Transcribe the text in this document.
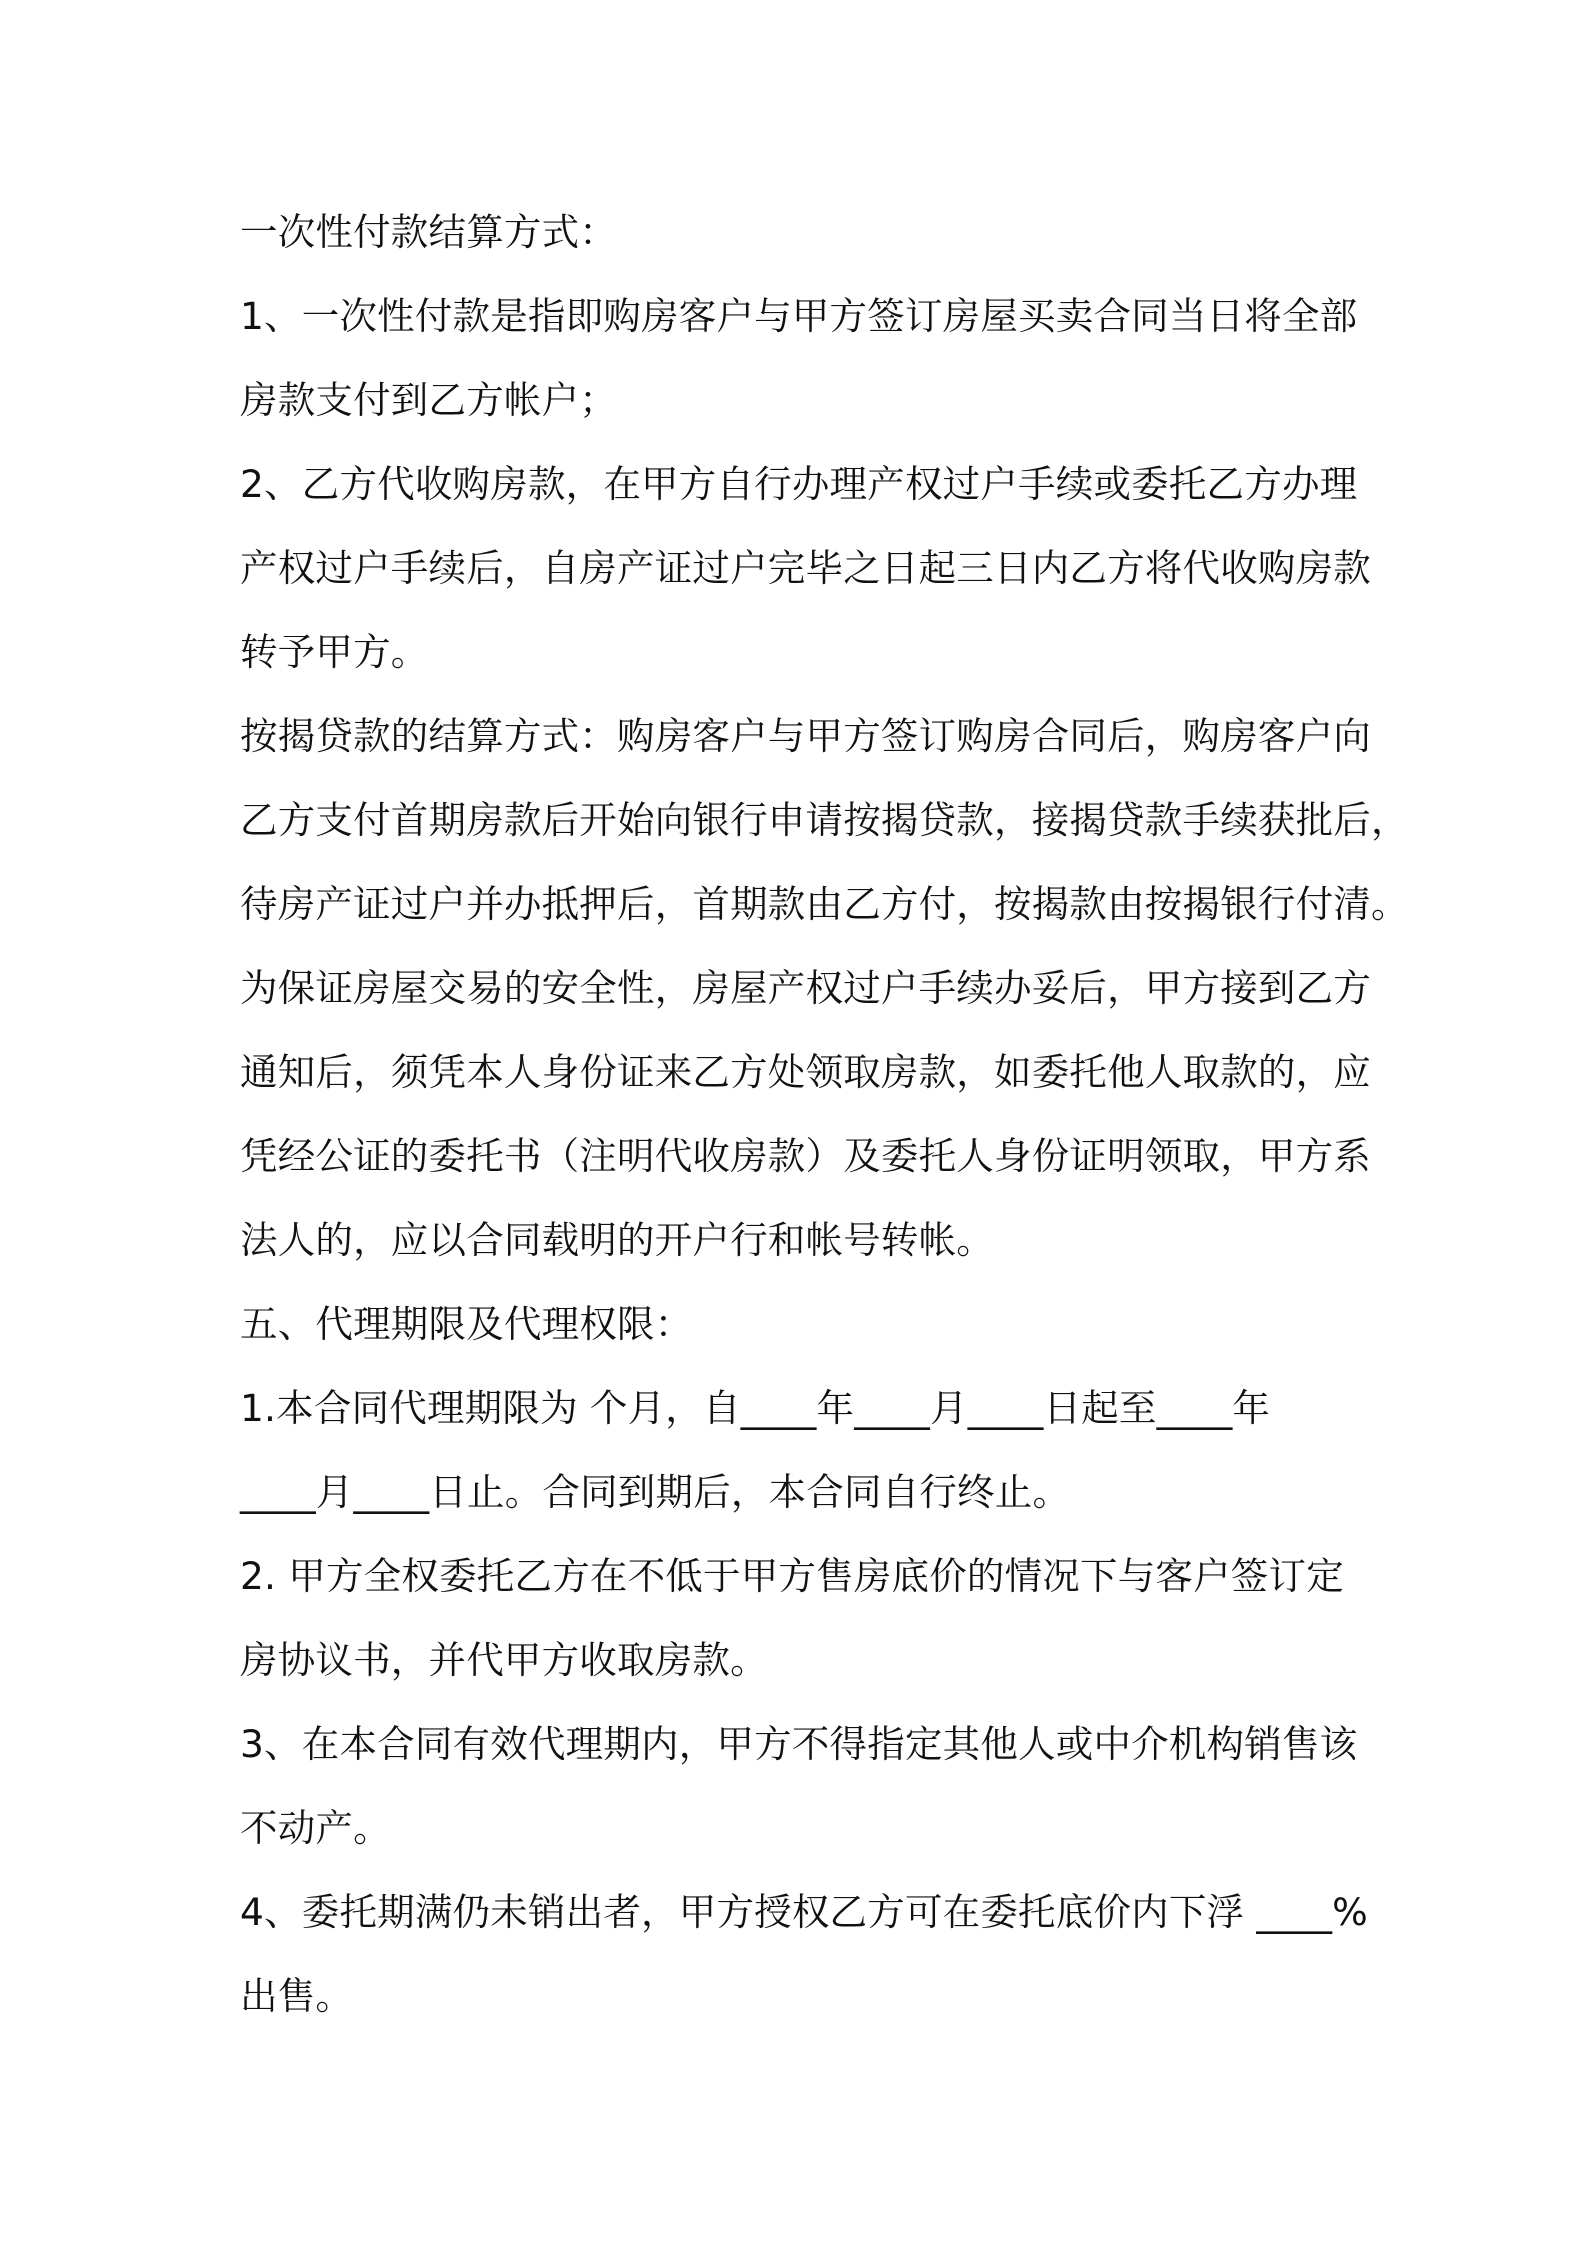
一次性付款结算方式：
1、一次性付款是指即购房客户与甲方签订房屋买卖合同当日将全部
房款支付到乙方帐户；
2、乙方代收购房款，在甲方自行办理产权过户手续或委托乙方办理
产权过户手续后，自房产证过户完毕之日起三日内乙方将代收购房款
转予甲方。
按揭贷款的结算方式：购房客户与甲方签订购房合同后，购房客户向
乙方支付首期房款后开始向银行申请按揭贷款，接揭贷款手续获批后，
待房产证过户并办抵押后，首期款由乙方付，按揭款由按揭银行付清。
为保证房屋交易的安全性，房屋产权过户手续办妥后，甲方接到乙方
通知后，须凭本人身份证来乙方处领取房款，如委托他人取款的，应
凭经公证的委托书（注明代收房款）及委托人身份证明领取，甲方系
法人的，应以合同载明的开户行和帐号转帐。
五、代理期限及代理权限：
1.本合同代理期限为 个月，自____年____月____日起至____年
____月____日止。合同到期后，本合同自行终止。
2. 甲方全权委托乙方在不低于甲方售房底价的情况下与客户签订定
房协议书，并代甲方收取房款。
3、在本合同有效代理期内，甲方不得指定其他人或中介机构销售该
不动产。
4、委托期满仍未销出者，甲方授权乙方可在委托底价内下浮 ____%
出售。
